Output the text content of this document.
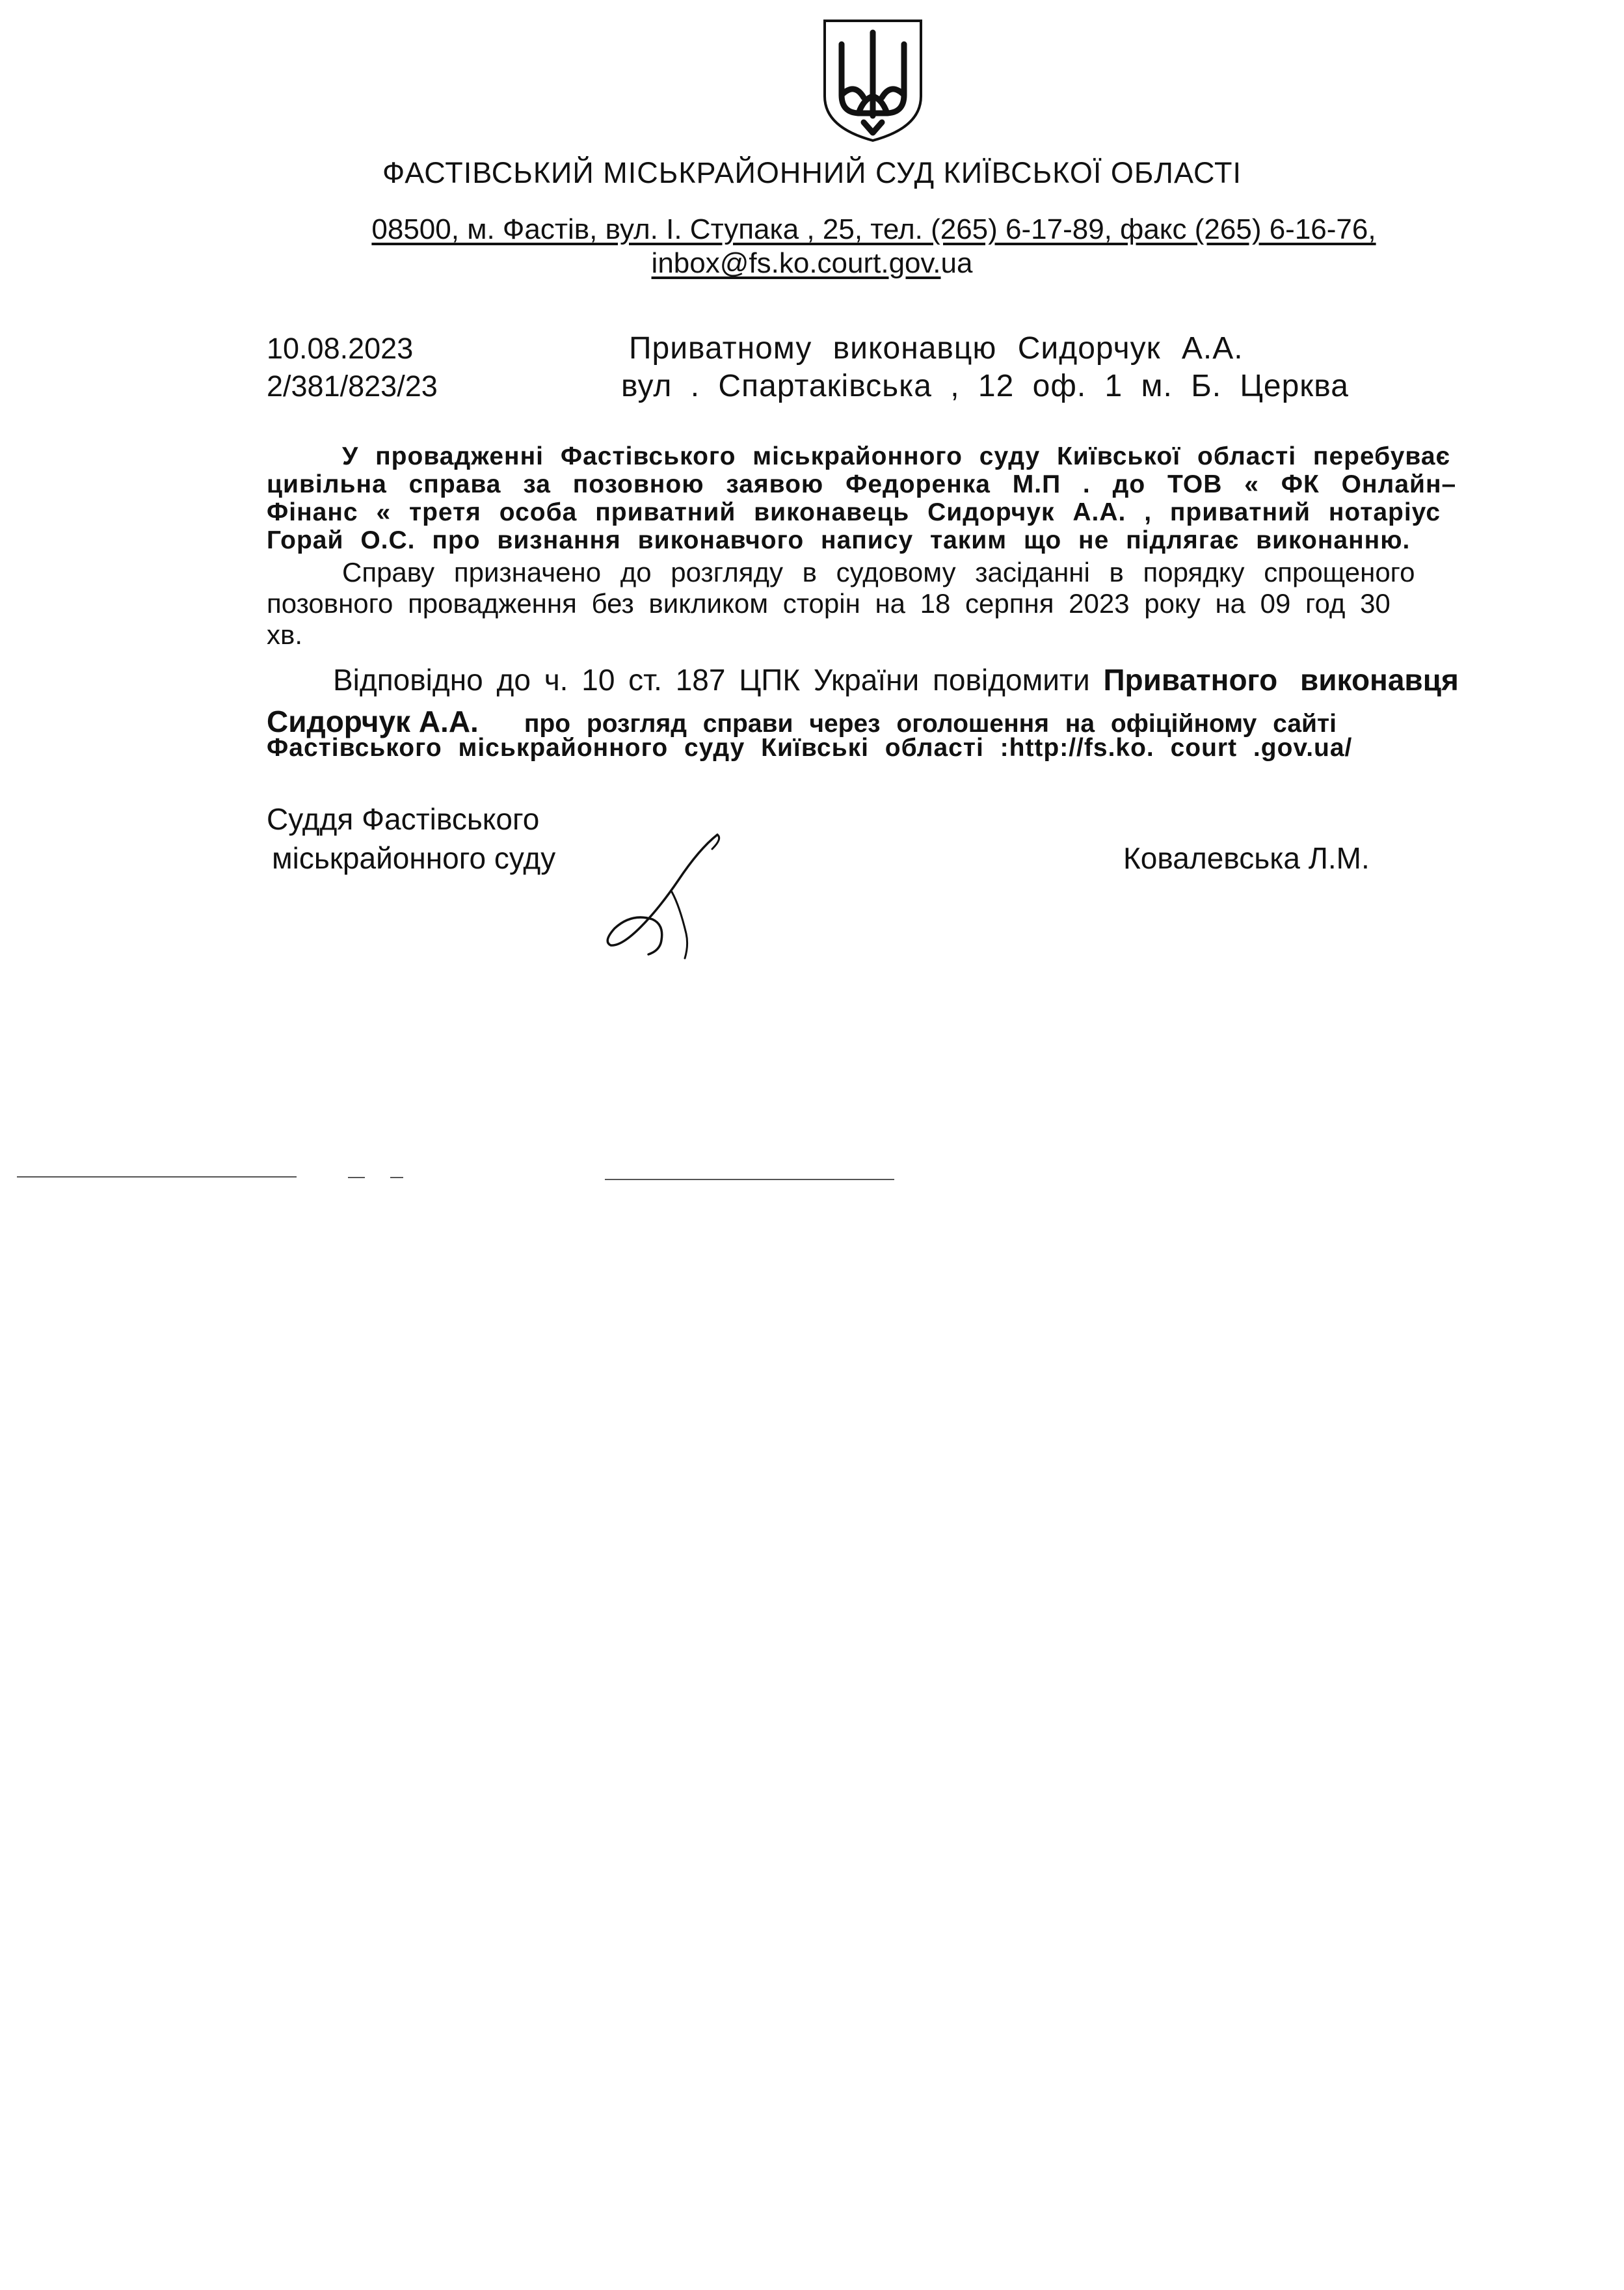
ФАСТІВСЬКИЙ МІСЬКРАЙОННИЙ СУД КИЇВСЬКОЇ ОБЛАСТІ
08500, м. Фастів, вул. І. Ступака , 25, тел. (265) 6-17-89, факс (265) 6-16-76,
inbox@fs.ko.court.gov.ua
10.08.2023
2/381/823/23
Приватному виконавцю Сидорчук А.А.
вул . Спартаківська , 12 оф. 1 м. Б. Церква
У провадженні Фастівського міськрайонного суду Київської області перебуває
цивільна справа за позовною заявою Федоренка М.П . до ТОВ « ФК Онлайн–
Фінанс « третя особа приватний виконавець Сидорчук А.А. , приватний нотаріус
Горай О.С. про визнання виконавчого напису таким що не підлягає виконанню.
Справу призначено до розгляду в судовому засіданні в порядку спрощеного
позовного провадження без викликом сторін на 18 серпня 2023 року на 09 год 30
хв.
Відповідно до ч. 10 ст. 187 ЦПК України повідомити Приватного виконавця
Сидорчук А.А. про розгляд справи через оголошення на офіційному сайті
Фастівського міськрайонного суду Київські області :http://fs.ko. court .gov.ua/
Суддя Фастівського
міськрайонного суду	Ковалевська Л.М.
